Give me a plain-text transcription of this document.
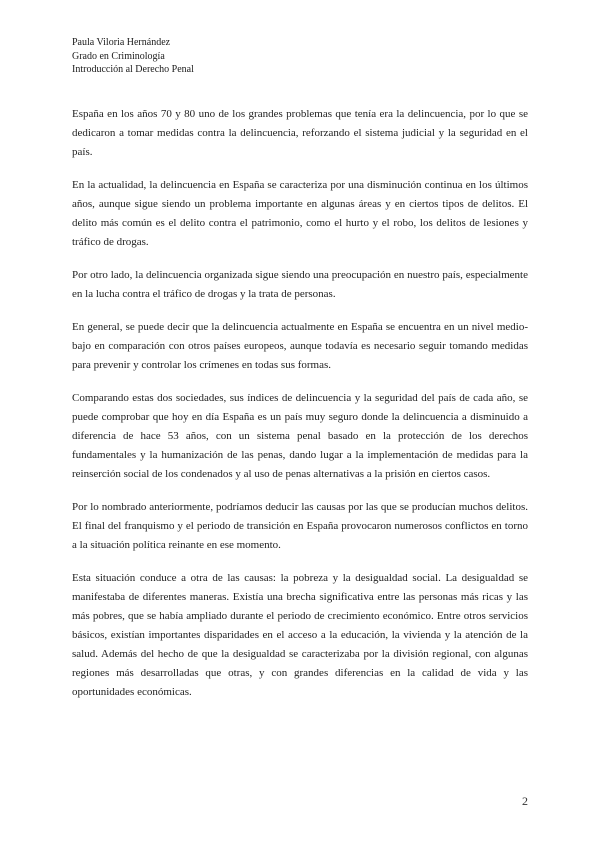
Paula Viloria Hernández
Grado en Criminología
Introducción al Derecho Penal

España en los años 70 y 80 uno de los grandes problemas que tenía era la delincuencia, por lo que se dedicaron a tomar medidas contra la delincuencia, reforzando el sistema judicial y la seguridad en el país.

En la actualidad, la delincuencia en España se caracteriza por una disminución continua en los últimos años, aunque sigue siendo un problema importante en algunas áreas y en ciertos tipos de delitos. El delito más común es el delito contra el patrimonio, como el hurto y el robo, los delitos de lesiones y tráfico de drogas.

Por otro lado, la delincuencia organizada sigue siendo una preocupación en nuestro país, especialmente en la lucha contra el tráfico de drogas y la trata de personas.

En general, se puede decir que la delincuencia actualmente en España se encuentra en un nivel medio-bajo en comparación con otros países europeos, aunque todavía es necesario seguir tomando medidas para prevenir y controlar los crímenes en todas sus formas.

Comparando estas dos sociedades, sus índices de delincuencia y la seguridad del país de cada año, se puede comprobar que hoy en día España es un país muy seguro donde la delincuencia a disminuido a diferencia de hace 53 años, con un sistema penal basado en la protección de los derechos fundamentales y la humanización de las penas, dando lugar a la implementación de medidas para la reinserción social de los condenados y al uso de penas alternativas a la prisión en ciertos casos.

Por lo nombrado anteriormente, podríamos deducir las causas por las que se producían muchos delitos. El final del franquismo y el periodo de transición en España provocaron numerosos conflictos en torno a la situación política reinante en ese momento.

Esta situación conduce a otra de las causas: la pobreza y la desigualdad social. La desigualdad se manifestaba de diferentes maneras. Existía una brecha significativa entre las personas más ricas y las más pobres, que se había ampliado durante el periodo de crecimiento económico. Entre otros servicios básicos, existían importantes disparidades en el acceso a la educación, la vivienda y la atención de la salud. Además del hecho de que la desigualdad se caracterizaba por la división regional, con algunas regiones más desarrolladas que otras, y con grandes diferencias en la calidad de vida y las oportunidades económicas.

2
